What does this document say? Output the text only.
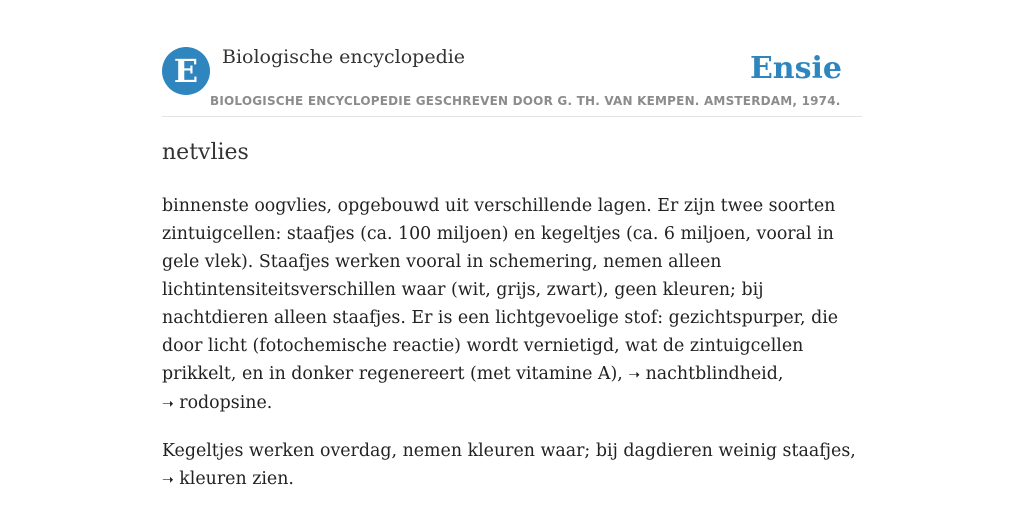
E	Biologische encyclopedie	Ensie
BIOLOGISCHE ENCYCLOPEDIE GESCHREVEN DOOR G. TH. VAN KEMPEN. AMSTERDAM, 1974.
netvlies

binnenste oogvlies, opgebouwd uit verschillende lagen. Er zijn twee soorten zintuigcellen: staafjes (ca. 100 miljoen) en kegeltjes (ca. 6 miljoen, vooral in gele vlek). Staafjes werken vooral in schemering, nemen alleen lichtintensiteitsverschillen waar (wit, grijs, zwart), geen kleuren; bij nachtdieren alleen staafjes. Er is een lichtgevoelige stof: gezichtspurper, die door licht (fotochemische reactie) wordt vernietigd, wat de zintuigcellen prikkelt, en in donker regenereert (met vitamine A), ➝ nachtblindheid, ➝ rodopsine.

Kegeltjes werken overdag, nemen kleuren waar; bij dagdieren weinig staafjes, ➝ kleuren zien.
